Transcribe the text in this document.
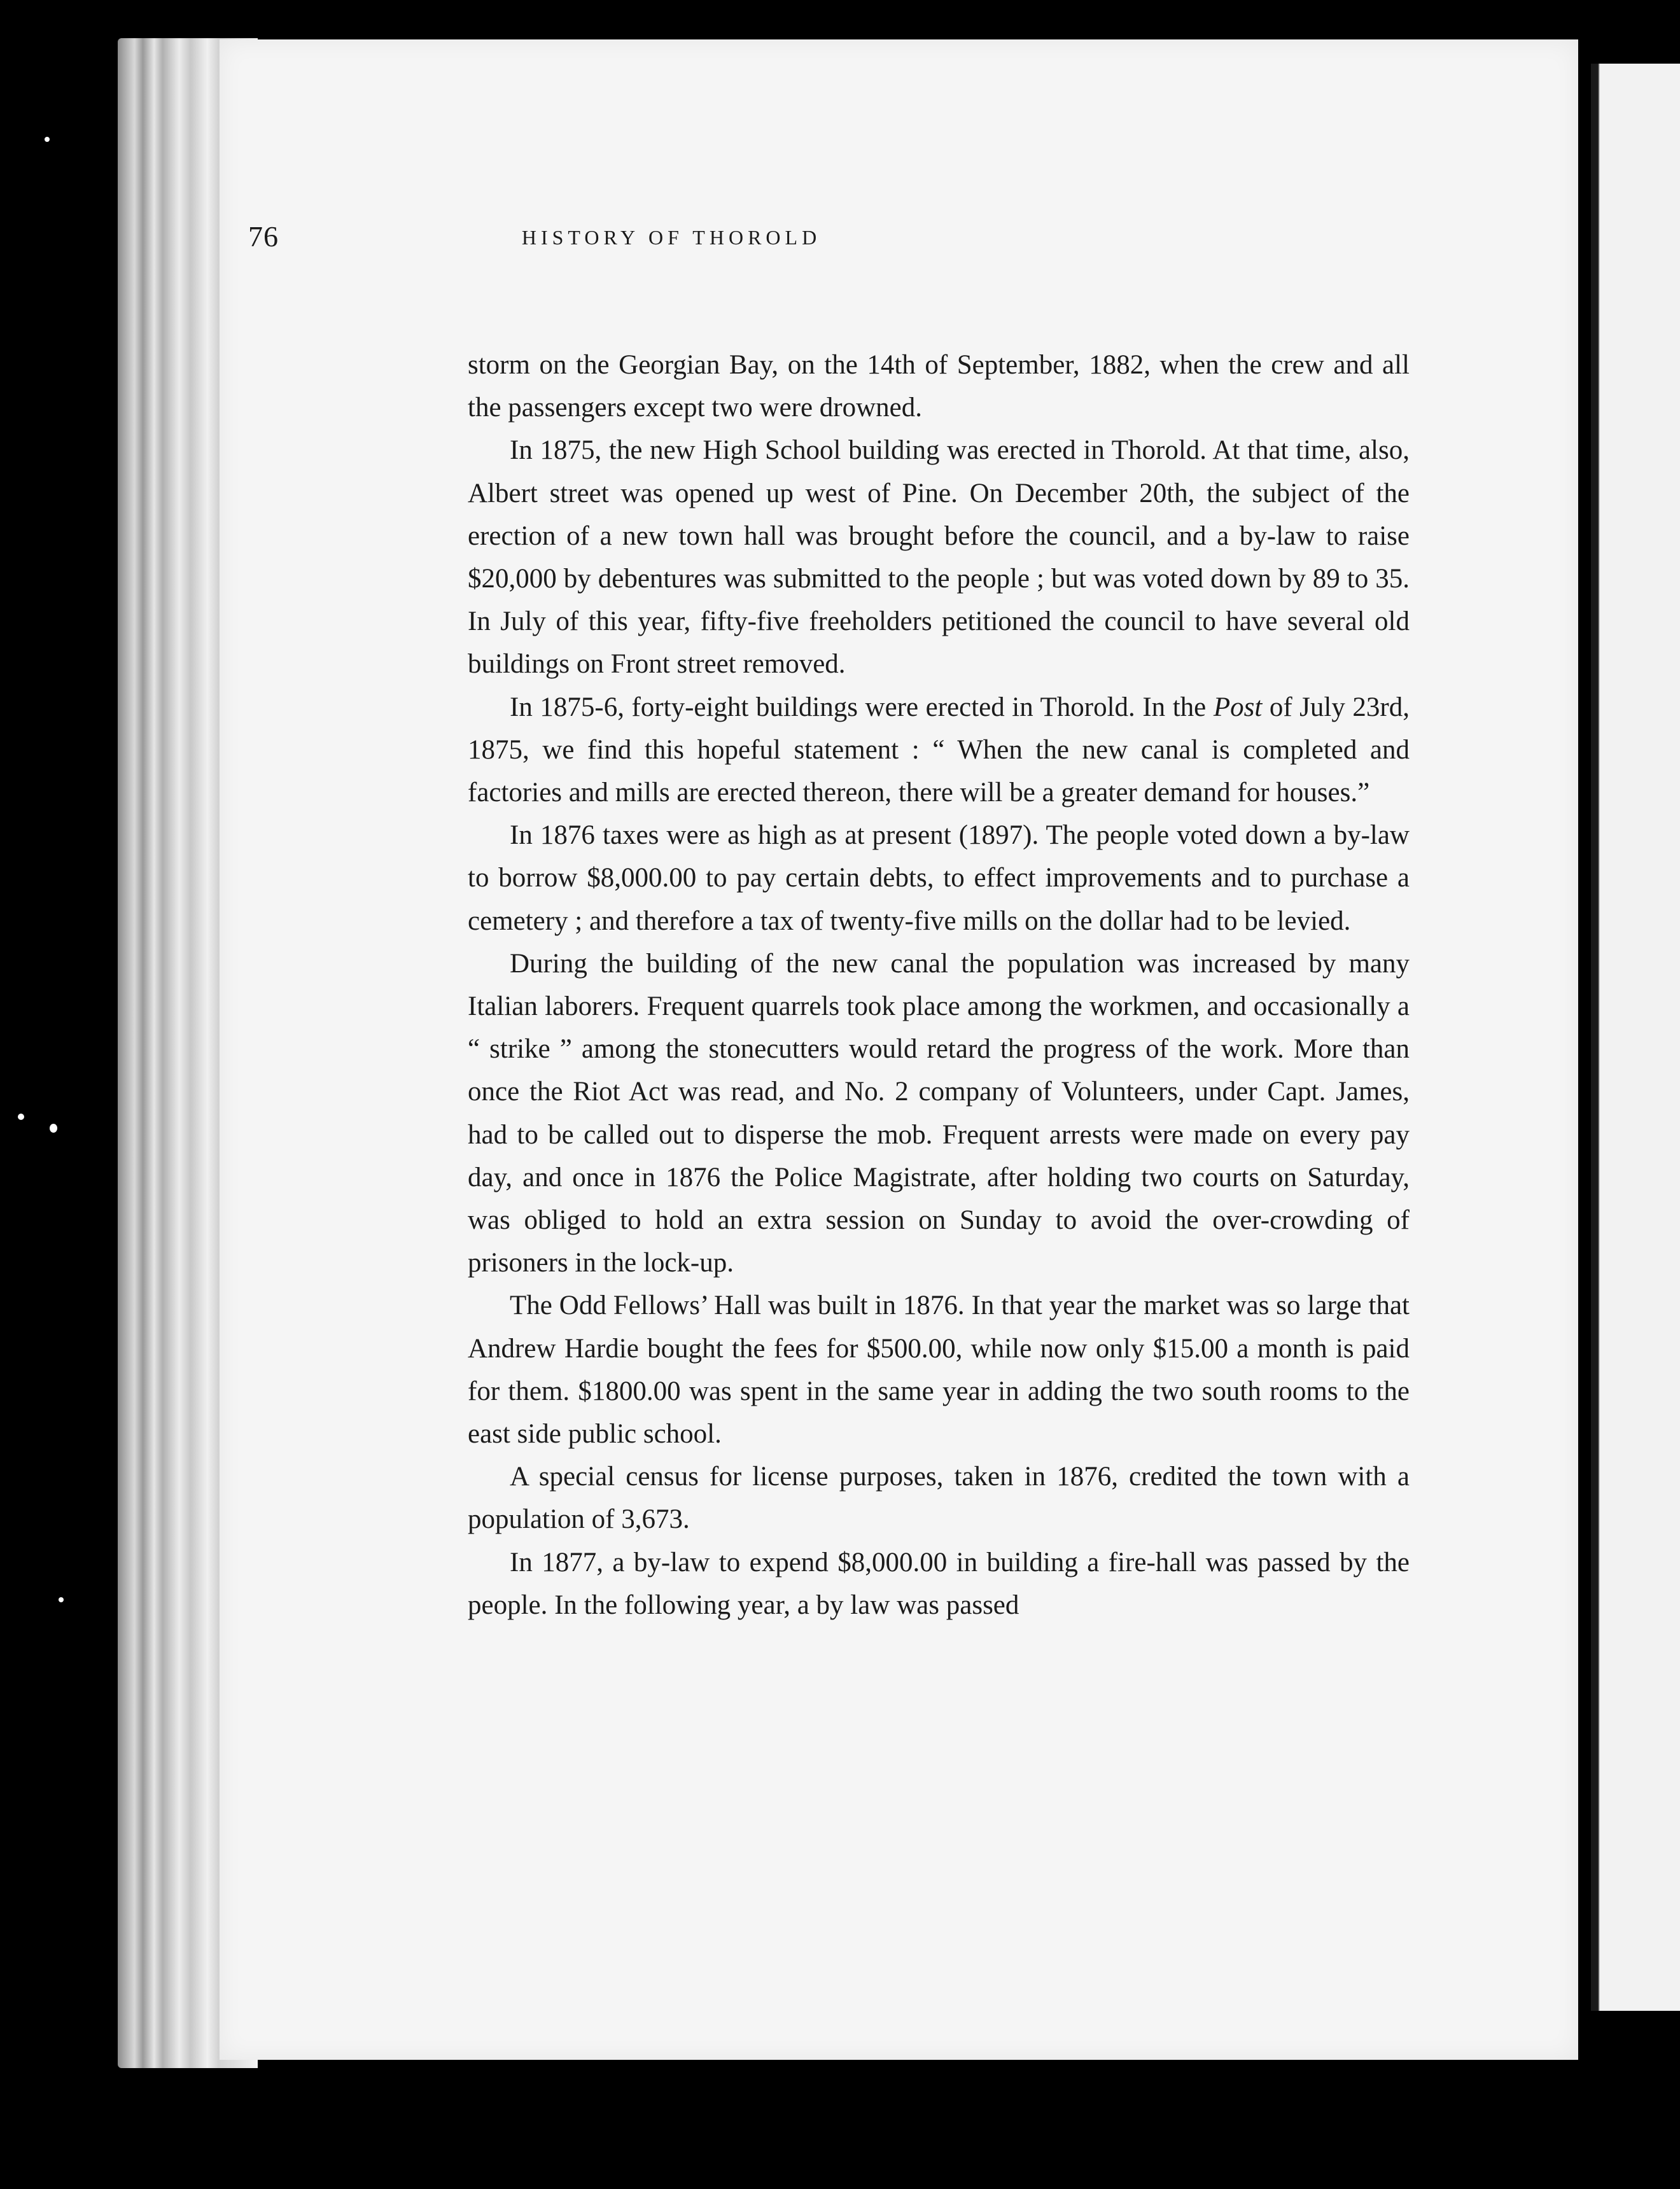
76	HISTORY OF THOROLD

storm on the Georgian Bay, on the 14th of September, 1882, when the crew and all the passengers except two were drowned.

In 1875, the new High School building was erected in Thorold. At that time, also, Albert street was opened up west of Pine. On December 20th, the subject of the erection of a new town hall was brought before the council, and a by-law to raise $20,000 by debentures was submitted to the people ; but was voted down by 89 to 35. In July of this year, fifty-five freeholders petitioned the council to have several old buildings on Front street removed.

In 1875-6, forty-eight buildings were erected in Thorold. In the Post of July 23rd, 1875, we find this hopeful statement : “ When the new canal is completed and factories and mills are erected thereon, there will be a greater demand for houses.”

In 1876 taxes were as high as at present (1897). The people voted down a by-law to borrow $8,000.00 to pay certain debts, to effect improvements and to purchase a cemetery ; and therefore a tax of twenty-five mills on the dollar had to be levied.

During the building of the new canal the population was increased by many Italian laborers. Frequent quarrels took place among the workmen, and occasionally a “ strike ” among the stonecutters would retard the progress of the work. More than once the Riot Act was read, and No. 2 company of Volunteers, under Capt. James, had to be called out to disperse the mob. Frequent arrests were made on every pay day, and once in 1876 the Police Magistrate, after holding two courts on Saturday, was obliged to hold an extra session on Sunday to avoid the over-crowding of prisoners in the lock-up.

The Odd Fellows’ Hall was built in 1876. In that year the market was so large that Andrew Hardie bought the fees for $500.00, while now only $15.00 a month is paid for them. $1800.00 was spent in the same year in adding the two south rooms to the east side public school.

A special census for license purposes, taken in 1876, credited the town with a population of 3,673.

In 1877, a by-law to expend $8,000.00 in building a fire-hall was passed by the people. In the following year, a by law was passed
